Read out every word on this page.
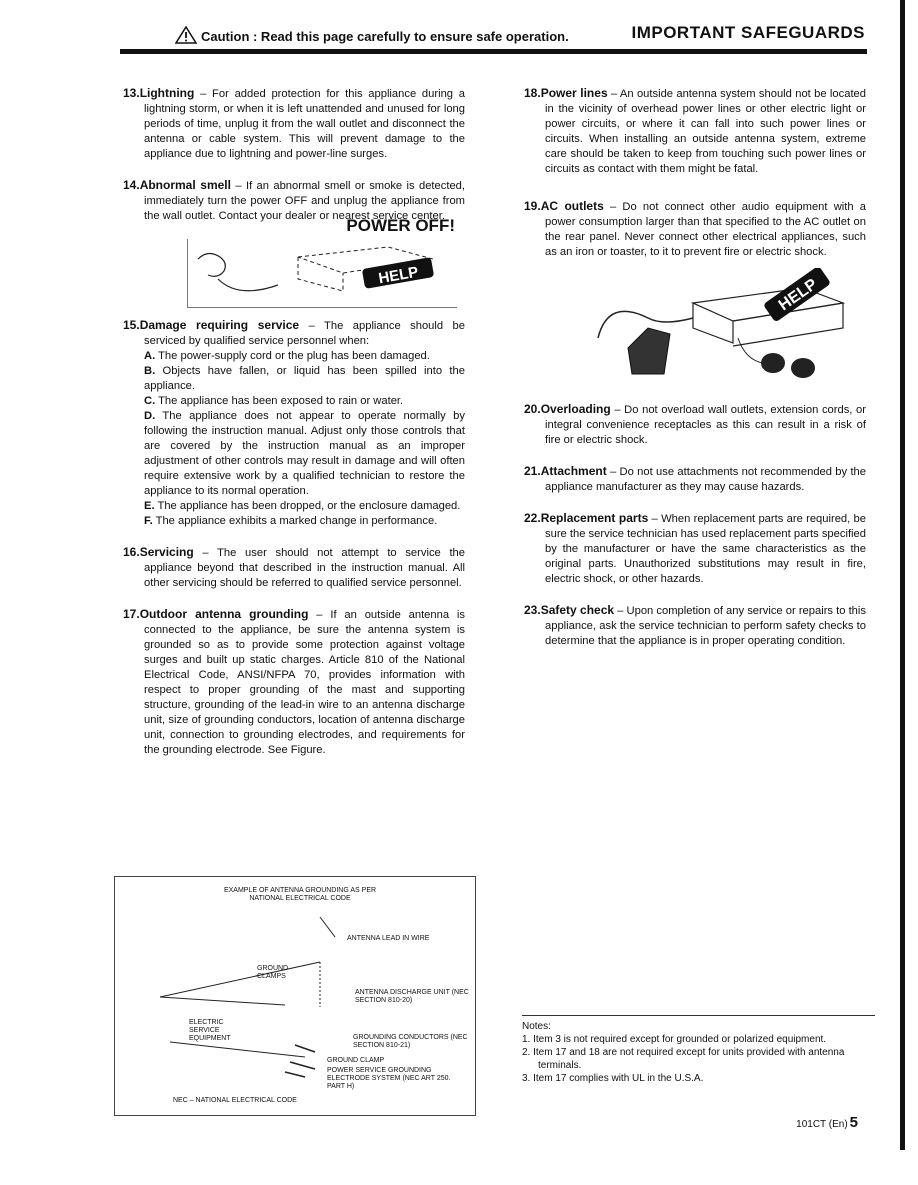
Caution : Read this page carefully to ensure safe operation.	IMPORTANT SAFEGUARDS

13.Lightning – For added protection for this appliance during a lightning storm, or when it is left unattended and unused for long periods of time, unplug it from the wall outlet and disconnect the antenna or cable system. This will prevent damage to the appliance due to lightning and power-line surges.

14.Abnormal smell – If an abnormal smell or smoke is detected, immediately turn the power OFF and unplug the appliance from the wall outlet. Contact your dealer or nearest service center.

POWER OFF!
HELP

15.Damage requiring service – The appliance should be serviced by qualified service personnel when:

A. The power-supply cord or the plug has been damaged.
B. Objects have fallen, or liquid has been spilled into the appliance.
C. The appliance has been exposed to rain or water.
D. The appliance does not appear to operate normally by following the instruction manual. Adjust only those controls that are covered by the instruction manual as an improper adjustment of other controls may result in damage and will often require extensive work by a qualified technician to restore the appliance to its normal operation.
E. The appliance has been dropped, or the enclosure damaged.
F. The appliance exhibits a marked change in performance.

16.Servicing – The user should not attempt to service the appliance beyond that described in the instruction manual. All other servicing should be referred to qualified service personnel.

17.Outdoor antenna grounding – If an outside antenna is connected to the appliance, be sure the antenna system is grounded so as to provide some protection against voltage surges and built up static charges. Article 810 of the National Electrical Code, ANSI/NFPA 70, provides information with respect to proper grounding of the mast and supporting structure, grounding of the lead-in wire to an antenna discharge unit, size of grounding conductors, location of antenna discharge unit, connection to grounding electrodes, and requirements for the grounding electrode. See Figure.

EXAMPLE OF ANTENNA GROUNDING AS PER
NATIONAL ELECTRICAL CODE
ANTENNA LEAD IN WIRE
GROUND CLAMPS
ANTENNA DISCHARGE UNIT (NEC SECTION 810-20)
ELECTRIC SERVICE EQUIPMENT	GROUNDING CONDUCTORS (NEC SECTION 810-21)
GROUND CLAMP
POWER SERVICE GROUNDING ELECTRODE SYSTEM (NEC ART 250. PART H)
NEC – NATIONAL ELECTRICAL CODE

18.Power lines – An outside antenna system should not be located in the vicinity of overhead power lines or other electric light or power circuits, or where it can fall into such power lines or circuits. When installing an outside antenna system, extreme care should be taken to keep from touching such power lines or circuits as contact with them might be fatal.

19.AC outlets – Do not connect other audio equipment with a power consumption larger than that specified to the AC outlet on the rear panel. Never connect other electrical appliances, such as an iron or toaster, to it to prevent fire or electric shock.

HELP

20.Overloading – Do not overload wall outlets, extension cords, or integral convenience receptacles as this can result in a risk of fire or electric shock.

21.Attachment – Do not use attachments not recommended by the appliance manufacturer as they may cause hazards.

22.Replacement parts – When replacement parts are required, be sure the service technician has used replacement parts specified by the manufacturer or have the same characteristics as the original parts. Unauthorized substitutions may result in fire, electric shock, or other hazards.

23.Safety check – Upon completion of any service or repairs to this appliance, ask the service technician to perform safety checks to determine that the appliance is in proper operating condition.

Notes:
1. Item 3 is not required except for grounded or polarized equipment.
2. Item 17 and 18 are not required except for units provided with antenna terminals.
3. Item 17 complies with UL in the U.S.A.
101CT (En) 5
